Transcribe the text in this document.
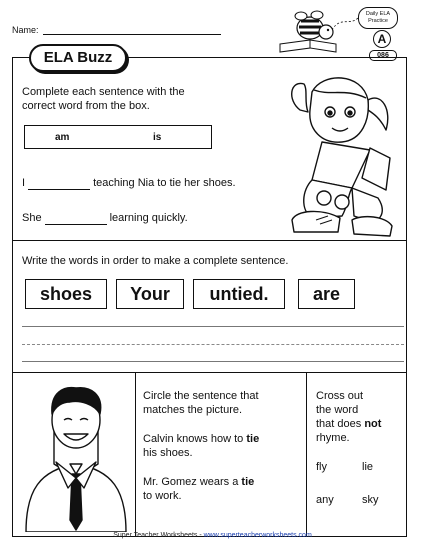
Name:
Daily ELA
Practice
A
086
ELA Buzz
Complete each sentence with the
correct word from the box.
am	is
I	teaching Nia to tie her shoes.
She	learning quickly.
Write the words in order to make a complete sentence.
shoes	Your	untied.	are
Circle the sentence that
matches the picture.
Calvin knows how to tie
his shoes.
Mr. Gomez wears a tie
to work.
Cross out
the word
that does not
rhyme.
fly	lie
any	sky
Super Teacher Worksheets - www.superteacherworksheets.com
